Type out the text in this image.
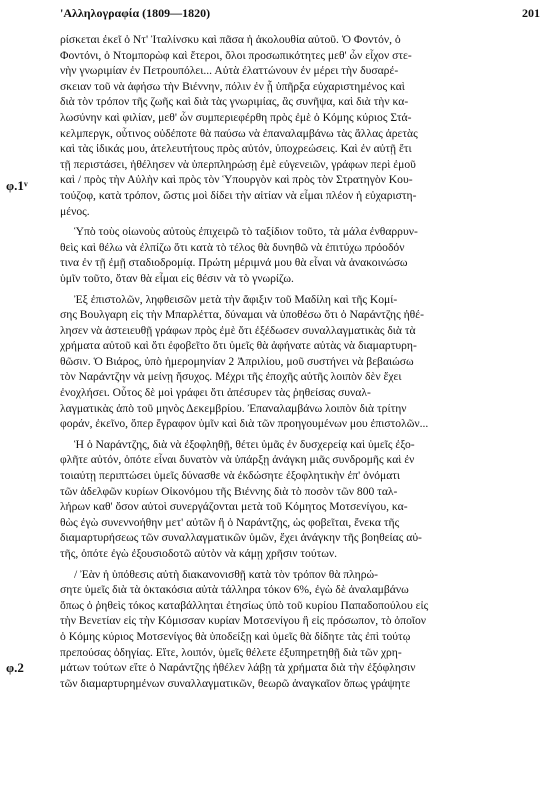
'Αλληλογραφία (1809—1820)	201
φ.1ᵛ
φ.2
ρίσκεται ἐκεῖ ὁ Ντ' Ἰταλίνσκυ καὶ πᾶσα ἡ ἀκολουθία αὐτοῦ. Ὁ Φοντόν, ὁ
Φοντόνι, ὁ Ντομπορὼφ καὶ ἕτεροι, ὅλοι προσωπικότητες μεθ' ὧν εἶχον στε-
νὴν γνωριμίαν ἐν Πετρουπόλει... Αὐτὰ ἐλαττώνουν ἐν μέρει τὴν δυσαρέ-
σκειαν τοῦ νὰ ἀφήσω τὴν Βιέννην, πόλιν ἐν ᾗ ὑπῆρξα εὐχαριστημένος καὶ
διὰ τὸν τρόπον τῆς ζωῆς καὶ διὰ τὰς γνωριμίας, ἃς συνῆψα, καὶ διὰ τὴν κα-
λωσύνην καὶ φιλίαν, μεθ' ὧν συμπεριεφέρθη πρὸς ἐμὲ ὁ Κόμης κύριος Στά-
κελμπεργκ, οὗτινος οὐδέποτε θὰ παύσω νὰ ἐπαναλαμβάνω τὰς ἄλλας ἀρετὰς
καὶ τὰς ἰδικάς μου, ἀτελευτήτους πρὸς αὐτόν, ὑποχρεώσεις. Καὶ ἐν αὐτῇ ἔτι
τῇ περιστάσει, ἠθέλησεν νὰ ὑπερπληρώσῃ ἐμὲ εὐγενειῶν, γράφων περὶ ἐμοῦ
καὶ / πρὸς τὴν Αὐλὴν καὶ πρὸς τὸν Ὑπουργὸν καὶ πρὸς τὸν Στρατηγὸν Κου-
τούζοφ, κατὰ τρόπον, ὥστις μοὶ δίδει τὴν αἰτίαν νὰ εἶμαι πλέον ἡ εὐχαριστη-
μένος.
Ὑπὸ τοὺς οἰωνοὺς αὐτοὺς ἐπιχειρῶ τὸ ταξίδιον τοῦτο, τὰ μάλα ἐνθαρρυν-
θεὶς καὶ θέλω νὰ ἐλπίζω ὅτι κατὰ τὸ τέλος θὰ δυνηθῶ νὰ ἐπιτύχω πρόοδόν
τινα ἐν τῇ ἐμῇ σταδιοδρομίᾳ. Πρώτη μέριμνά μου θὰ εἶναι νὰ ἀνακοινώσω
ὑμῖν τοῦτο, ὅταν θὰ εἶμαι εἰς θέσιν νὰ τὸ γνωρίζω.
Ἐξ ἐπιστολῶν, ληφθεισῶν μετὰ τὴν ἄφιξιν τοῦ Μαδίλη καὶ τῆς Κομί-
σης Βουλγαρη εἰς τὴν Μπαρλέττα, δύναμαι νὰ ὑποθέσω ὅτι ὁ Ναράντζης ἠθέ-
λησεν νὰ ἀστειευθῇ γράφων πρὸς ἐμὲ ὅτι ἐξέδωσεν συναλλαγματικὰς διὰ τὰ
χρήματα αὐτοῦ καὶ ὅτι ἐφοβεῖτο ὅτι ὑμεῖς θὰ ἀφήνατε αὐτὰς νὰ διαμαρτυρη-
θῶσιν. Ὁ Βιάρος, ὑπὸ ἡμερομηνίαν 2 Ἀπριλίου, μοῦ συστήνει νὰ βεβαιώσω
τὸν Ναράντζην νὰ μείνῃ ἥσυχος. Μέχρι τῆς ἐποχῆς αὐτῆς λοιπὸν δὲν ἔχει
ἐνοχλήσει. Οὗτος δὲ μοὶ γράφει ὅτι ἀπέσυρεν τὰς ῥηθείσας συναλ-
λαγματικὰς ἀπὸ τοῦ μηνὸς Δεκεμβρίου. Ἐπαναλαμβάνω λοιπὸν διὰ τρίτην
φοράν, ἐκεῖνο, ὅπερ ἔγραφον ὑμῖν καὶ διὰ τῶν προηγουμένων μου ἐπιστολῶν...
Ἡ ὁ Ναράντζης, διὰ νὰ ἐξοφληθῇ, θέτει ὑμᾶς ἐν δυσχερείᾳ καὶ ὑμεῖς ἐξο-
φλῆτε αὐτόν, ὁπότε εἶναι δυνατὸν νὰ ὑπάρξῃ ἀνάγκη μιᾶς συνδρομῆς καὶ ἐν
τοιαύτῃ περιπτώσει ὑμεῖς δύνασθε νὰ ἐκδώσητε ἐξοφλητικὴν ἐπ' ὀνόματι
τῶν ἀδελφῶν κυρίων Οἰκονόμου τῆς Βιέννης διὰ τὸ ποσὸν τῶν 800 ταλ-
λήρων καθ' ὅσον αὐτοὶ συνεργάζονται μετὰ τοῦ Κόμητος Μοτσενίγου, κα-
θὼς ἐγὼ συνεννοήθην μετ' αὐτῶν ἢ ὁ Ναράντζης, ὡς φοβεῖται, ἔνεκα τῆς
διαμαρτυρήσεως τῶν συναλλαγματικῶν ὑμῶν, ἔχει ἀνάγκην τῆς βοηθείας αὐ-
τῆς, ὁπότε ἐγὼ ἐξουσιοδοτῶ αὐτὸν νὰ κάμῃ χρῆσιν τούτων.
/ Ἐὰν ἡ ὑπόθεσις αὐτὴ διακανονισθῇ κατὰ τὸν τρόπον θὰ πληρώ-
σητε ὑμεῖς διὰ τὰ ὀκτακόσια αὐτὰ τάλληρα τόκον 6%, ἐγὼ δὲ ἀναλαμβάνω
ὅπως ὁ ῥηθεὶς τόκος καταβάλληται ἐτησίως ὑπὸ τοῦ κυρίου Παπαδοπούλου εἰς
τὴν Βενετίαν εἰς τὴν Κόμισσαν κυρίαν Μοτσενίγου ἢ εἰς πρόσωπον, τὸ ὁποῖον
ὁ Κόμης κύριος Μοτσενίγος θὰ ὑποδείξῃ καὶ ὑμεῖς θὰ δίδητε τὰς ἐπὶ τούτῳ
πρεπούσας ὁδηγίας. Εἴτε, λοιπόν, ὑμεῖς θέλετε ἐξυπηρετηθῇ διὰ τῶν χρη-
μάτων τούτων εἴτε ὁ Ναράντζης ἠθέλεν λάβῃ τὰ χρήματα διὰ τὴν ἐξόφλησιν
τῶν διαμαρτυρημένων συναλλαγματικῶν, θεωρῶ ἀναγκαῖον ὅπως γράψητε
